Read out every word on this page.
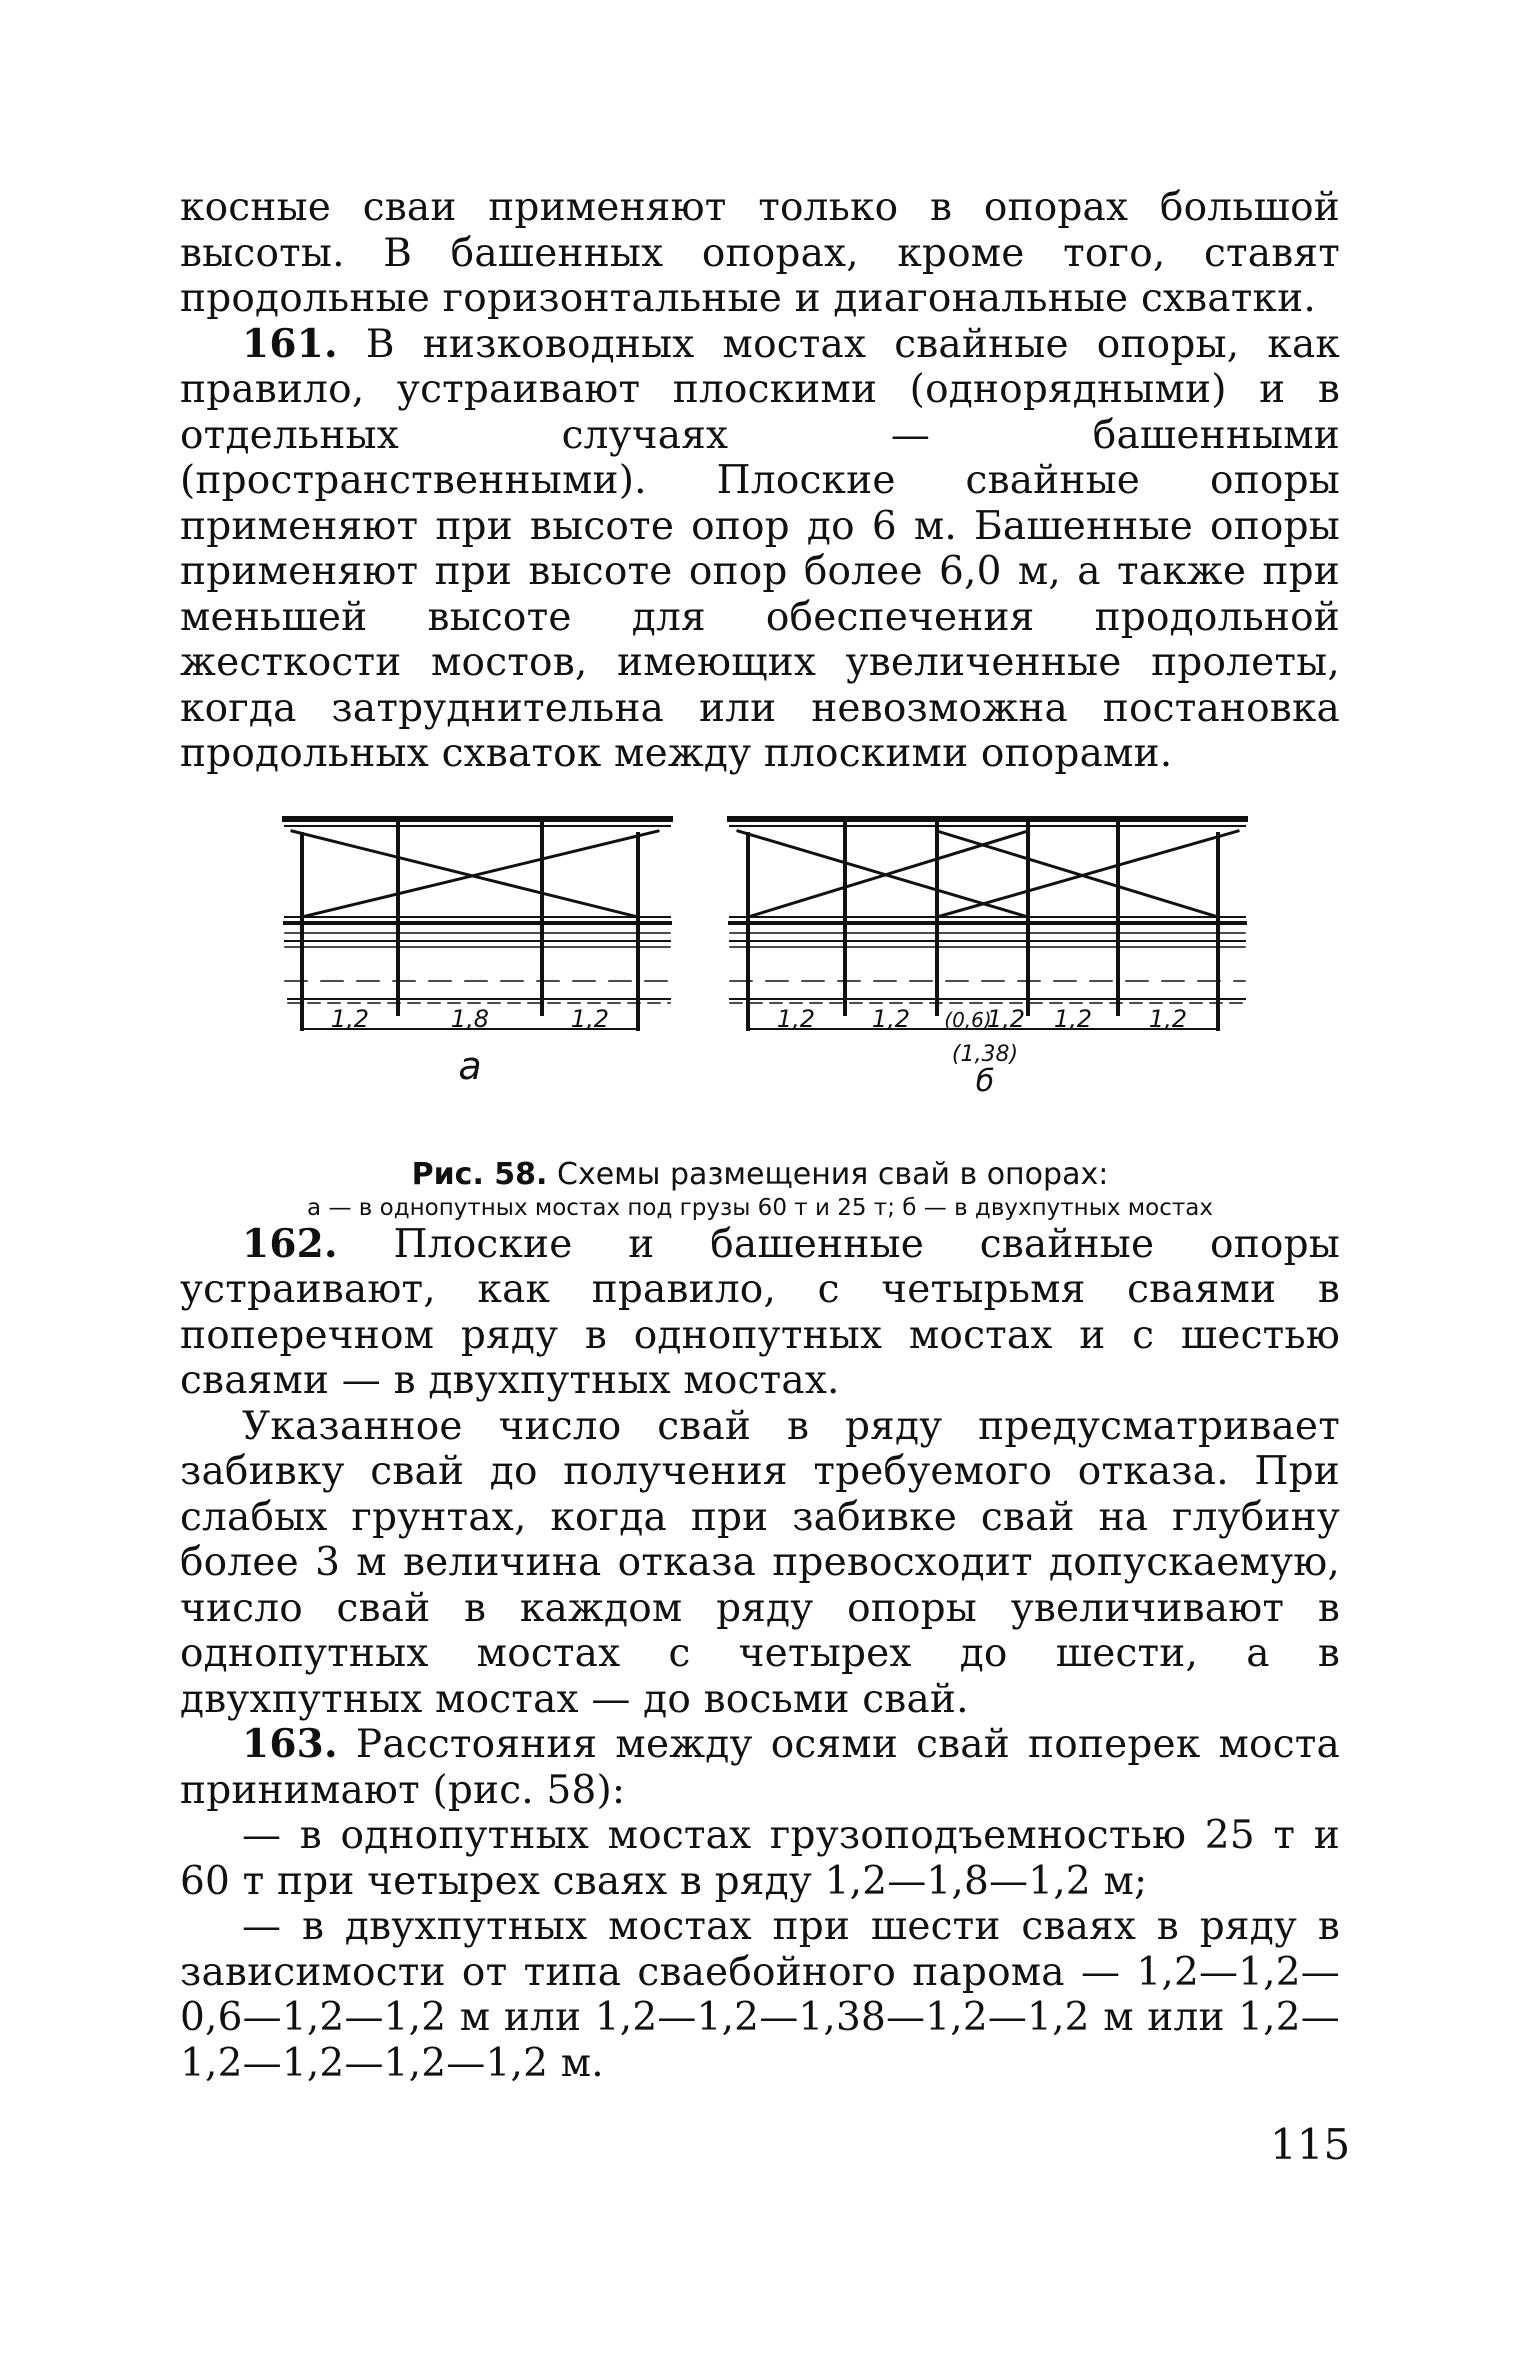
косные сваи применяют только в опорах большой высоты. В башенных опорах, кроме того, ставят продольные горизонтальные и диагональные схватки.

161. В низководных мостах свайные опоры, как правило, устраивают плоскими (однорядными) и в отдельных случаях — башенными (пространственными). Плоские свайные опоры применяют при высоте опор до 6 м. Башенные опоры применяют при высоте опор более 6,0 м, а также при меньшей высоте для обеспечения продольной жесткости мостов, имеющих увеличенные пролеты, когда затруднительна или невозможна постановка продольных схваток между плоскими опорами.

1,2	1,8	1,2
а
1,2 1,2 (0,6)
1,2 1,2 1,2
(1,38)
б
Рис. 58. Схемы размещения свай в опорах:
а — в однопутных мостах под грузы 60 т и 25 т; б — в двухпутных мостах

162. Плоские и башенные свайные опоры устраивают, как правило, с четырьмя сваями в поперечном ряду в однопутных мостах и с шестью сваями — в двухпутных мостах.

Указанное число свай в ряду предусматривает забивку свай до получения требуемого отказа. При слабых грунтах, когда при забивке свай на глубину более 3 м величина отказа превосходит допускаемую, число свай в каждом ряду опоры увеличивают в однопутных мостах с четырех до шести, а в двухпутных мостах — до восьми свай.

163. Расстояния между осями свай поперек моста принимают (рис. 58):

— в однопутных мостах грузоподъемностью 25 т и 60 т при четырех сваях в ряду 1,2—1,8—1,2 м;

— в двухпутных мостах при шести сваях в ряду в зависимости от типа сваебойного парома — 1,2—1,2—0,6—1,2—1,2 м или 1,2—1,2—1,38—1,2—1,2 м или 1,2—1,2—1,2—1,2—1,2 м.

115
